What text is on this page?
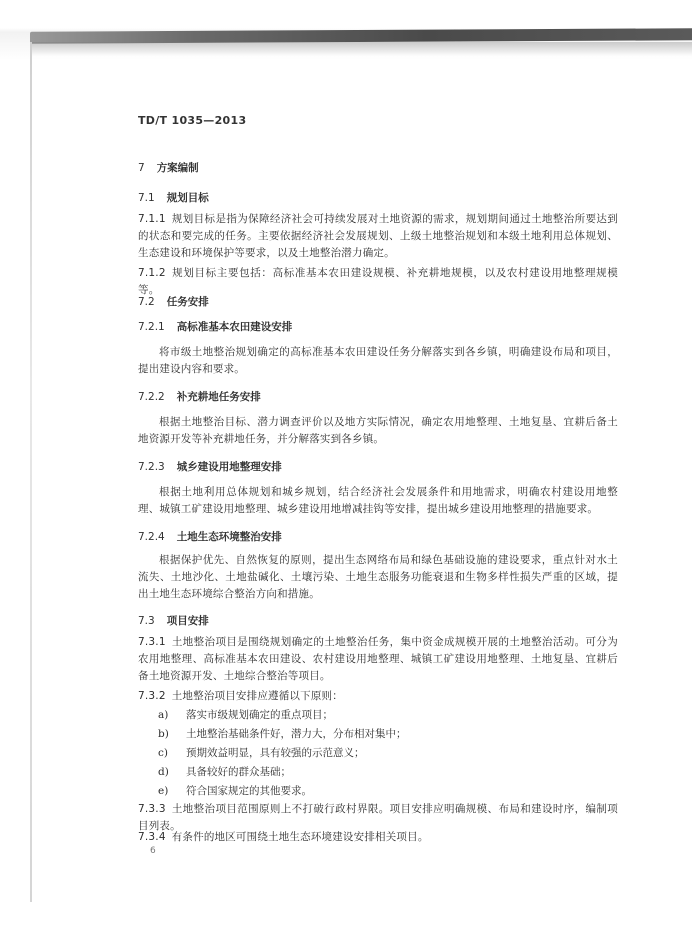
TD/T 1035—2013
7 方案编制
7.1 规划目标
7.1.1 规划目标是指为保障经济社会可持续发展对土地资源的需求，规划期间通过土地整治所要达到的状态和要完成的任务。主要依据经济社会发展规划、上级土地整治规划和本级土地利用总体规划、生态建设和环境保护等要求，以及土地整治潜力确定。
7.1.2 规划目标主要包括：高标准基本农田建设规模、补充耕地规模，以及农村建设用地整理规模等。
7.2 任务安排
7.2.1 高标准基本农田建设安排
将市级土地整治规划确定的高标准基本农田建设任务分解落实到各乡镇，明确建设布局和项目，提出建设内容和要求。
7.2.2 补充耕地任务安排
根据土地整治目标、潜力调查评价以及地方实际情况，确定农用地整理、土地复垦、宜耕后备土地资源开发等补充耕地任务，并分解落实到各乡镇。
7.2.3 城乡建设用地整理安排
根据土地利用总体规划和城乡规划，结合经济社会发展条件和用地需求，明确农村建设用地整理、城镇工矿建设用地整理、城乡建设用地增减挂钩等安排，提出城乡建设用地整理的措施要求。
7.2.4 土地生态环境整治安排
根据保护优先、自然恢复的原则，提出生态网络布局和绿色基础设施的建设要求，重点针对水土流失、土地沙化、土地盐碱化、土壤污染、土地生态服务功能衰退和生物多样性损失严重的区域，提出土地生态环境综合整治方向和措施。
7.3 项目安排
7.3.1 土地整治项目是围绕规划确定的土地整治任务，集中资金成规模开展的土地整治活动。可分为农用地整理、高标准基本农田建设、农村建设用地整理、城镇工矿建设用地整理、土地复垦、宜耕后备土地资源开发、土地综合整治等项目。
7.3.2 土地整治项目安排应遵循以下原则：
a) 落实市级规划确定的重点项目；
b) 土地整治基础条件好，潜力大，分布相对集中；
c) 预期效益明显，具有较强的示范意义；
d) 具备较好的群众基础；
e) 符合国家规定的其他要求。
7.3.3 土地整治项目范围原则上不打破行政村界限。项目安排应明确规模、布局和建设时序，编制项目列表。
7.3.4 有条件的地区可围绕土地生态环境建设安排相关项目。
6
